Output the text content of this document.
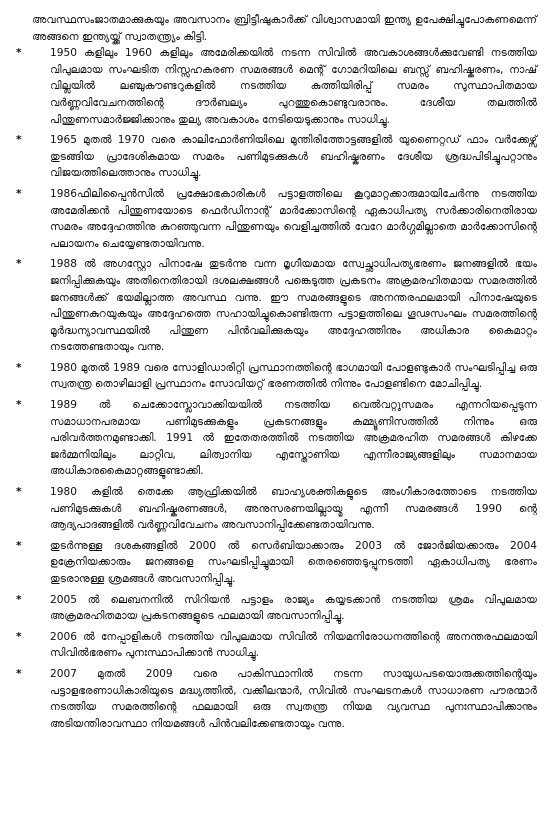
അവസ്ഥസംജാതമാക്കുകയും അവസാനം ബ്രിട്ടീഷുകാർക്ക് വിശ്വാസമായി ഇന്ത്യ ഉപേക്ഷിച്ചുപോകണമെന്ന് അങ്ങനെ ഇന്ത്യയ്ക്ക് സ്വാതന്ത്ര്യം കിട്ടി.

*	1950 കളിലും 1960 കളിലും അമേരിക്കയിൽ നടന്ന സിവിൽ അവകാശങ്ങൾക്കുവേണ്ടി നടത്തിയ വിപുലമായ സംഘടിത നിസ്സഹകരണ സമരങ്ങൾ മെന്റ് ഗോമറിയിലെ ബസ്സ് ബഹിഷ്കരണം, നാഷ് വില്ലയിൽ ലഞ്ചുകൗണ്ടറുകളിൽ നടത്തിയ കുത്തിയിരിപ്പ് സമരം സുസ്ഥാപിതമായ വർണ്ണവിവേചനത്തിന്റെ ദൗർബല്യം പുറത്തുകൊണ്ടുവരാനും. ദേശീയ തലത്തിൽ പിന്തുണസമാർജ്ജിക്കാനും തുല്യ അവകാശം നേടിയെടുക്കാനും സാധിച്ചു.
*	1965 മുതൽ 1970 വരെ കാലിഫോർണിയിലെ മുന്തിരിത്തോട്ടങ്ങളിൽ യുണൈറ്റഡ് ഫാം വർക്കേഴ്സ് തുടങ്ങിയ പ്രാദേശികമായ സമരം പണിമുടക്കുകൾ ബഹിഷ്കരണം ദേശീയ ശ്രദ്ധപിടിച്ചുപറ്റാനും വിജയത്തിലെത്താനും സാധിച്ചു.
*	1986ഫിലിപ്പൈൻസിൽ പ്രക്ഷോഭകാരികൾ പട്ടാളത്തിലെ കൂറുമാറ്റക്കാരുമായിചേർന്നു നടത്തിയ അമേരിക്കൻ പിന്തുണയോടെ ഫെർഡിനാന്റ് മാർക്കോസിന്റെ ഏകാധിപത്യ സർക്കാരിനെതിരായ സമരം അദ്ദേഹത്തിനു കുറഞ്ഞുവന്ന പിന്തുണയും വെളിച്ചത്തിൽ വേറേ മാർഗ്ഗമില്ലാതെ മാർക്കോസിന്റെ പലായനം ചെയ്യേണ്ടതായിവന്നു.
*	1988 ൽ അഗസ്റ്റോ പിനാഷേ തുടർന്നു വന്ന മൃഗീയമായ സ്വേച്ഛാധിപത്യഭരണം ജനങ്ങളിൽ ഭയം ജനിപ്പിക്കുകയും അതിനെതിരായി ദശലക്ഷങ്ങൾ പങ്കെടുത്ത പ്രകടനം അക്രമരഹിതമായ സമരത്തിൽ ജനങ്ങൾക്ക് ഭയമില്ലാത്ത അവസ്ഥ വന്നു. ഈ സമരങ്ങളുടെ അനന്തരഫലമായി പിനാഷേയുടെ പിന്തുണകുറയുകയും അദ്ദേഹത്തെ സഹായിച്ചുകൊണ്ടിരുന്ന പട്ടാളത്തിലെ ഗൂഢസംഘം സമരത്തിന്റെ മൂർദ്ധന്യാവസ്ഥയിൽ പിന്തുണ പിൻവലിക്കുകയും അദ്ദേഹത്തിനും അധികാര കൈമാറ്റം നടത്തേണ്ടതായും വന്നു.
*	1980 മുതൽ 1989 വരെ സോളിഡാരിറ്റി പ്രസ്ഥാനത്തിന്റെ ഭാഗമായി പോളണ്ടുകാർ സംഘടിപ്പിച്ച ഒരു സ്വതന്ത്ര തൊഴിലാളി പ്രസ്ഥാനം സോവിയറ്റ് ഭരണത്തിൽ നിന്നും പോളണ്ടിനെ മോചിപ്പിച്ചു.
*	1989 ൽ ചെക്കോസ്ലോവാക്കിയയിൽ നടത്തിയ വെൽവറ്റുസമരം എന്നറിയപ്പെടുന്ന സമാധാനപരമായ പണിമുടക്കുകളും പ്രകടനങ്ങളും കമ്മ്യൂണിസത്തിൽ നിന്നും ഒരു പരിവർത്തനമുണ്ടാക്കി. 1991 ൽ ഇതേതരത്തിൽ നടത്തിയ അക്രമരഹിത സമരങ്ങൾ കിഴക്കേ ജർമ്മനിയിലും ലാറ്റിവ, ലിത്വാനിയ എസ്തോണിയ എന്നീരാജ്യങ്ങളിലും സമാനമായ അധികാരകൈമാറ്റങ്ങളുണ്ടാക്കി.
*	1980 കളിൽ തെക്കേ ആഫ്രിക്കയിൽ ബാഹ്യശക്തികളുടെ അംഗീകാരത്തോടെ നടത്തിയ പണിമുടക്കുകൾ ബഹിഷ്കരണങ്ങൾ, അനുസരണയില്ലായ്മ എന്നീ സമരങ്ങൾ 1990 ന്റെ ആദ്യപാദങ്ങളിൽ വർണ്ണവിവേചനം അവസാനിപ്പിക്കേണ്ടതായിവന്നു.
*	തുടർന്നുള്ള ദശകങ്ങളിൽ 2000 ൽ സെർബിയാക്കാരും 2003 ൽ ജോർജിയക്കാരും 2004 ഉക്രേനിയക്കാരും ജനങ്ങളെ സംഘടിപ്പിച്ചുമായി തെരഞ്ഞെടുപ്പുനടത്തി ഏകാധിപത്യ ഭരണം തുടരാനുള്ള ശ്രമങ്ങൾ അവസാനിപ്പിച്ചു.
*	2005 ൽ ലെബനനിൽ സിറിയൻ പട്ടാളം രാജ്യം കയ്യടക്കാൻ നടത്തിയ ശ്രമം വിപുലമായ അക്രമരഹിതമായ പ്രകടനങ്ങളുടെ ഫലമായി അവസാനിപ്പിച്ചു.
*	2006 ൽ നേപ്പാളികൾ നടത്തിയ വിപുലമായ സിവിൽ നിയമനിരോധനത്തിന്റെ അനന്തരഫലമായി സിവിൽഭരണം പുനഃസ്ഥാപിക്കാൻ സാധിച്ചു.
*	2007 മുതൽ 2009 വരെ പാകിസ്ഥാനിൽ നടന്ന സായുധപടയൊരുക്കത്തിന്റെയും പട്ടാളഭരണാധികാരിയുടെ മദ്ധ്യത്തിൽ, വക്കീലന്മാർ, സിവിൽ സംഘടനകൾ സാധാരണ പൗരന്മാർ നടത്തിയ സമരത്തിന്റെ ഫലമായി ഒരു സ്വതന്ത്ര നിയമ വ്യവസ്ഥ പുനഃസ്ഥാപിക്കാനും അടിയന്തിരാവസ്ഥാ നിയമങ്ങൾ പിൻവലിക്കേണ്ടതായും വന്നു.
